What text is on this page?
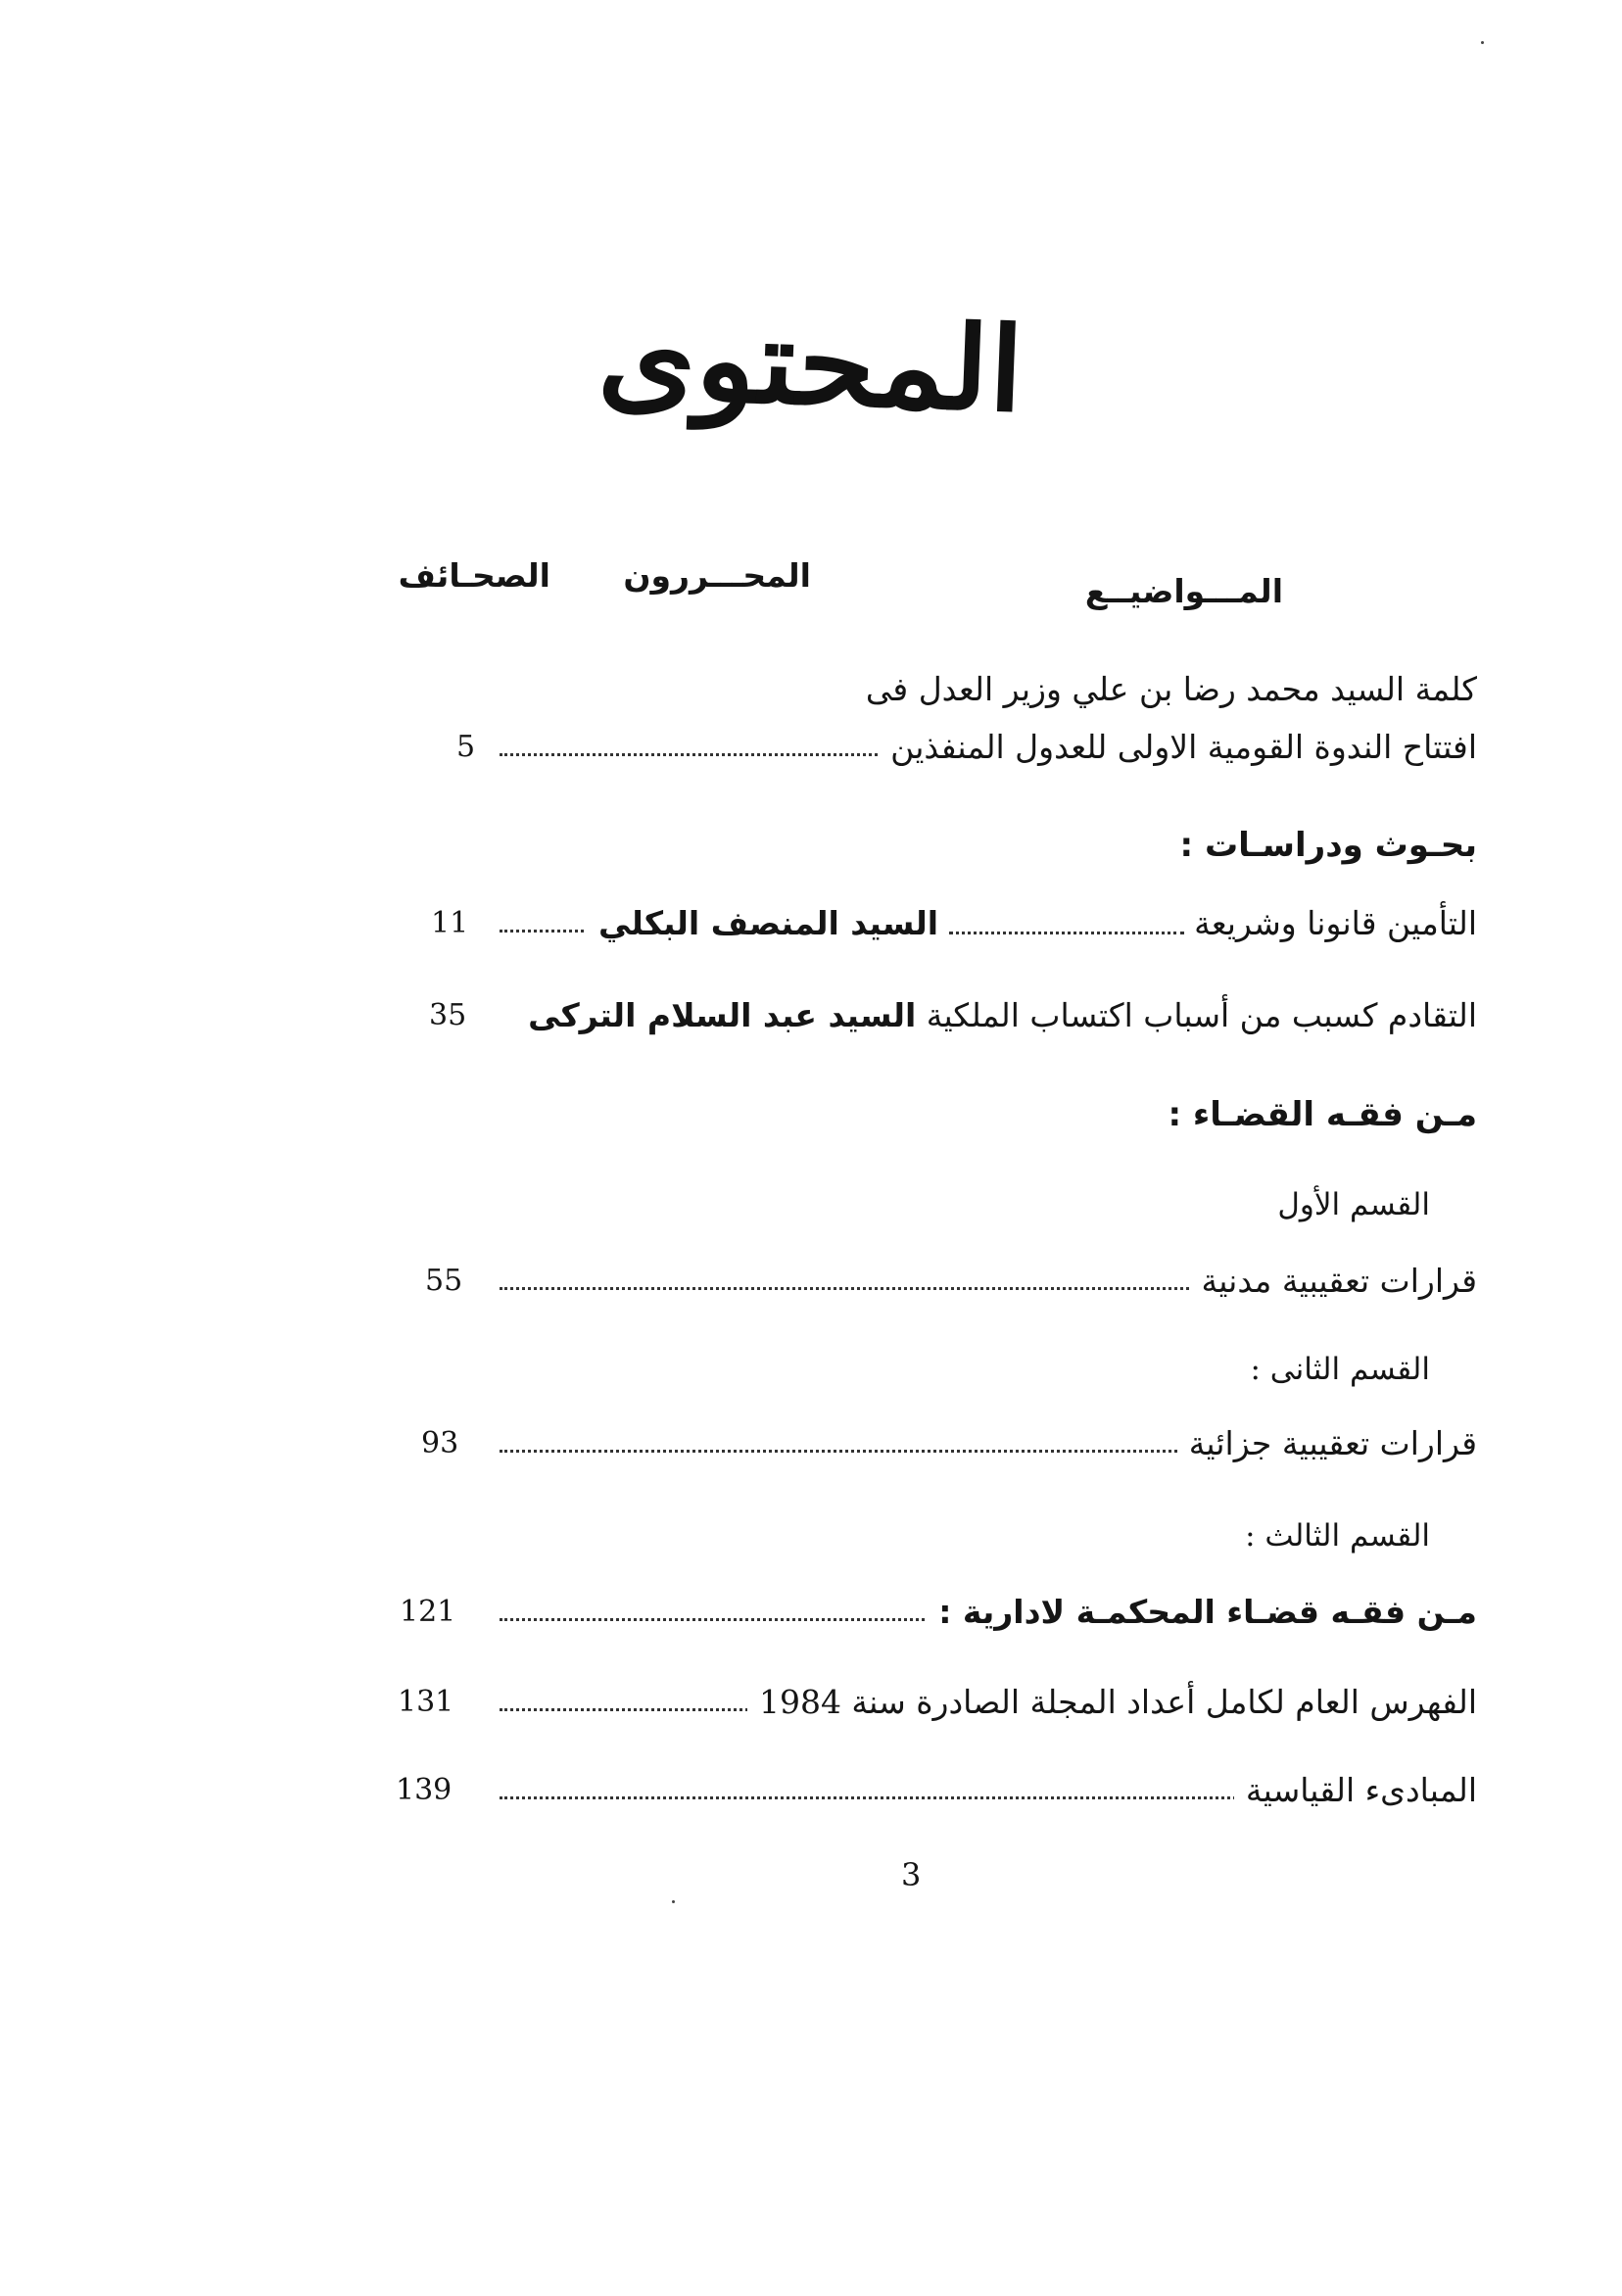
المحتوى
المـــواضيــع
المحـــررون
الصحـائف
كلمة السيد محمد رضا بن علي وزير العدل فى
افتتاح الندوة القومية الاولى للعدول المنفذين
5
بحـوث ودراسـات :
التأمين قانونا وشريعة  السيد المنصف البكلي
11
التقادم كسبب من أسباب اكتساب الملكية السيد عبد السلام التركى
35
مـن فقـه القضـاء :
القسم الأول
قرارات تعقيبية مدنية
55
القسم الثانى :
قرارات تعقيبية جزائية
93
القسم الثالث :
مـن فقـه قضـاء المحكمـة لادارية :
121
الفهرس العام لكامل أعداد المجلة الصادرة سنة 1984
131
المبادىء القياسية
139
3
